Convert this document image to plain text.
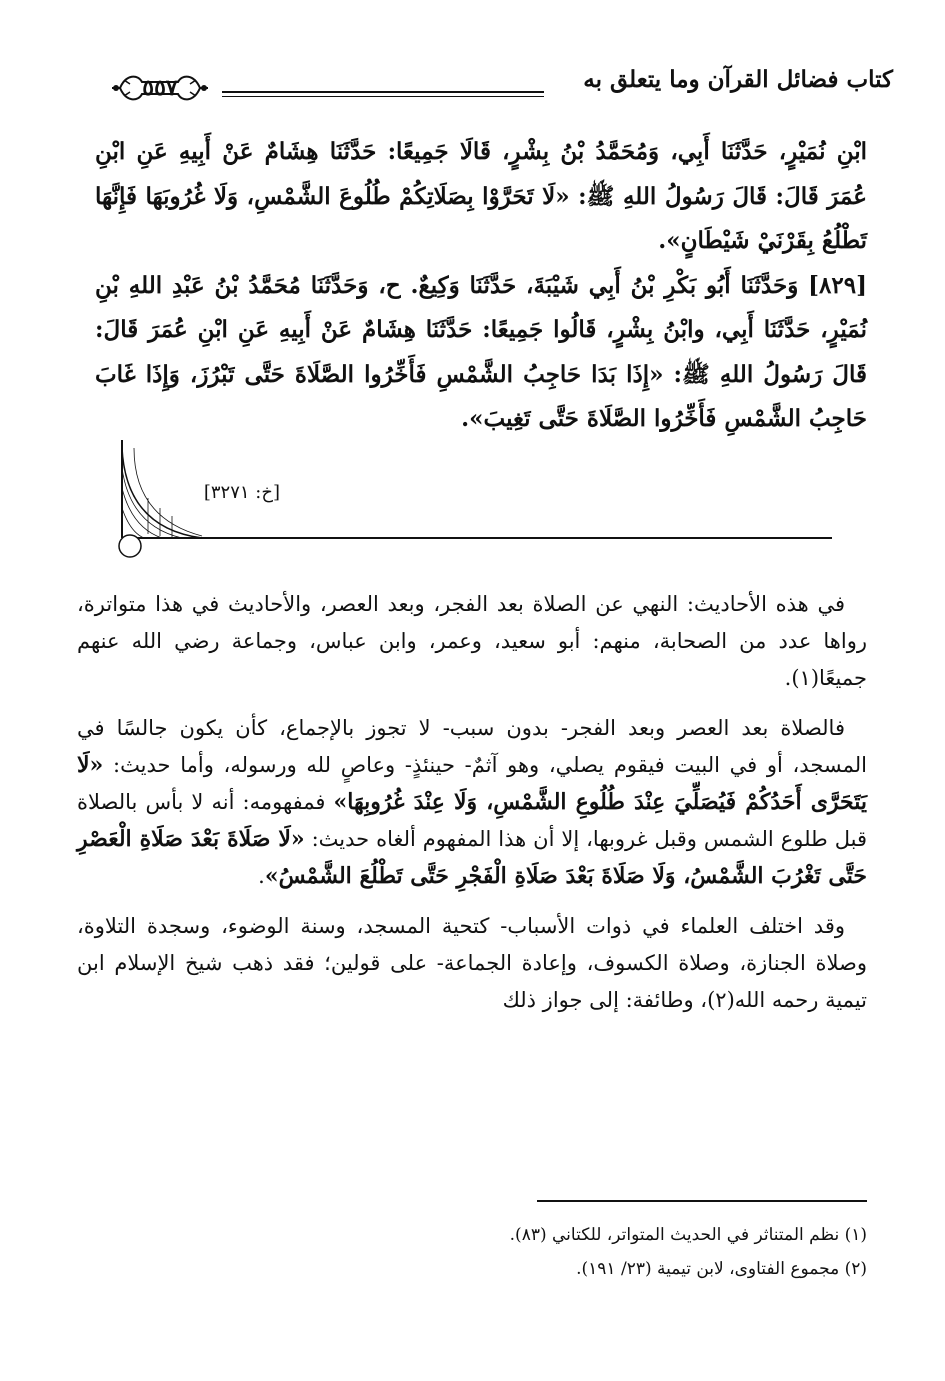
كتاب فضائل القرآن وما يتعلق به
٥٥٧

ابْنِ نُمَيْرٍ، حَدَّثَنَا أَبِي، وَمُحَمَّدُ بْنُ بِشْرٍ، قَالَا جَمِيعًا: حَدَّثَنَا هِشَامٌ عَنْ أَبِيهِ عَنِ ابْنِ عُمَرَ قَالَ: قَالَ رَسُولُ اللهِ ﷺ: «لَا تَحَرَّوْا بِصَلَاتِكُمْ طُلُوعَ الشَّمْسِ، وَلَا غُرُوبَهَا فَإِنَّهَا تَطْلُعُ بِقَرْنَيْ شَيْطَانٍ».

[٨٢٩] وَحَدَّثَنَا أَبُو بَكْرِ بْنُ أَبِي شَيْبَةَ، حَدَّثَنَا وَكِيعٌ. ح، وَحَدَّثَنَا مُحَمَّدُ بْنُ عَبْدِ اللهِ بْنِ نُمَيْرٍ، حَدَّثَنَا أَبِي، وابْنُ بِشْرٍ، قَالُوا جَمِيعًا: حَدَّثَنَا هِشَامٌ عَنْ أَبِيهِ عَنِ ابْنِ عُمَرَ قَالَ: قَالَ رَسُولُ اللهِ ﷺ: «إِذَا بَدَا حَاجِبُ الشَّمْسِ فَأَخِّرُوا الصَّلَاةَ حَتَّى تَبْرُزَ، وَإِذَا غَابَ حَاجِبُ الشَّمْسِ فَأَخِّرُوا الصَّلَاةَ حَتَّى تَغِيبَ».

[خ: ٣٢٧١]

في هذه الأحاديث: النهي عن الصلاة بعد الفجر، وبعد العصر، والأحاديث في هذا متواترة، رواها عدد من الصحابة، منهم: أبو سعيد، وعمر، وابن عباس، وجماعة رضي الله عنهم جميعًا(١).

فالصلاة بعد العصر وبعد الفجر- بدون سبب- لا تجوز بالإجماع، كأن يكون جالسًا في المسجد، أو في البيت فيقوم يصلي، وهو آثمٌ- حينئذٍ- وعاصٍ لله ورسوله، وأما حديث: «لَا يَتَحَرَّى أَحَدُكُمْ فَيُصَلِّيَ عِنْدَ طُلُوعِ الشَّمْسِ، وَلَا عِنْدَ غُرُوبِهَا» فمفهومه: أنه لا بأس بالصلاة قبل طلوع الشمس وقبل غروبها، إلا أن هذا المفهوم ألغاه حديث: «لَا صَلَاةَ بَعْدَ صَلَاةِ الْعَصْرِ حَتَّى تَغْرُبَ الشَّمْسُ، وَلَا صَلَاةَ بَعْدَ صَلَاةِ الْفَجْرِ حَتَّى تَطْلُعَ الشَّمْسُ».

وقد اختلف العلماء في ذوات الأسباب- كتحية المسجد، وسنة الوضوء، وسجدة التلاوة، وصلاة الجنازة، وصلاة الكسوف، وإعادة الجماعة- على قولين؛ فقد ذهب شيخ الإسلام ابن تيمية رحمه الله(٢)، وطائفة: إلى جواز ذلك

(١) نظم المتناثر في الحديث المتواتر، للكتاني (٨٣).
(٢) مجموع الفتاوى، لابن تيمية (٢٣/ ١٩١).
